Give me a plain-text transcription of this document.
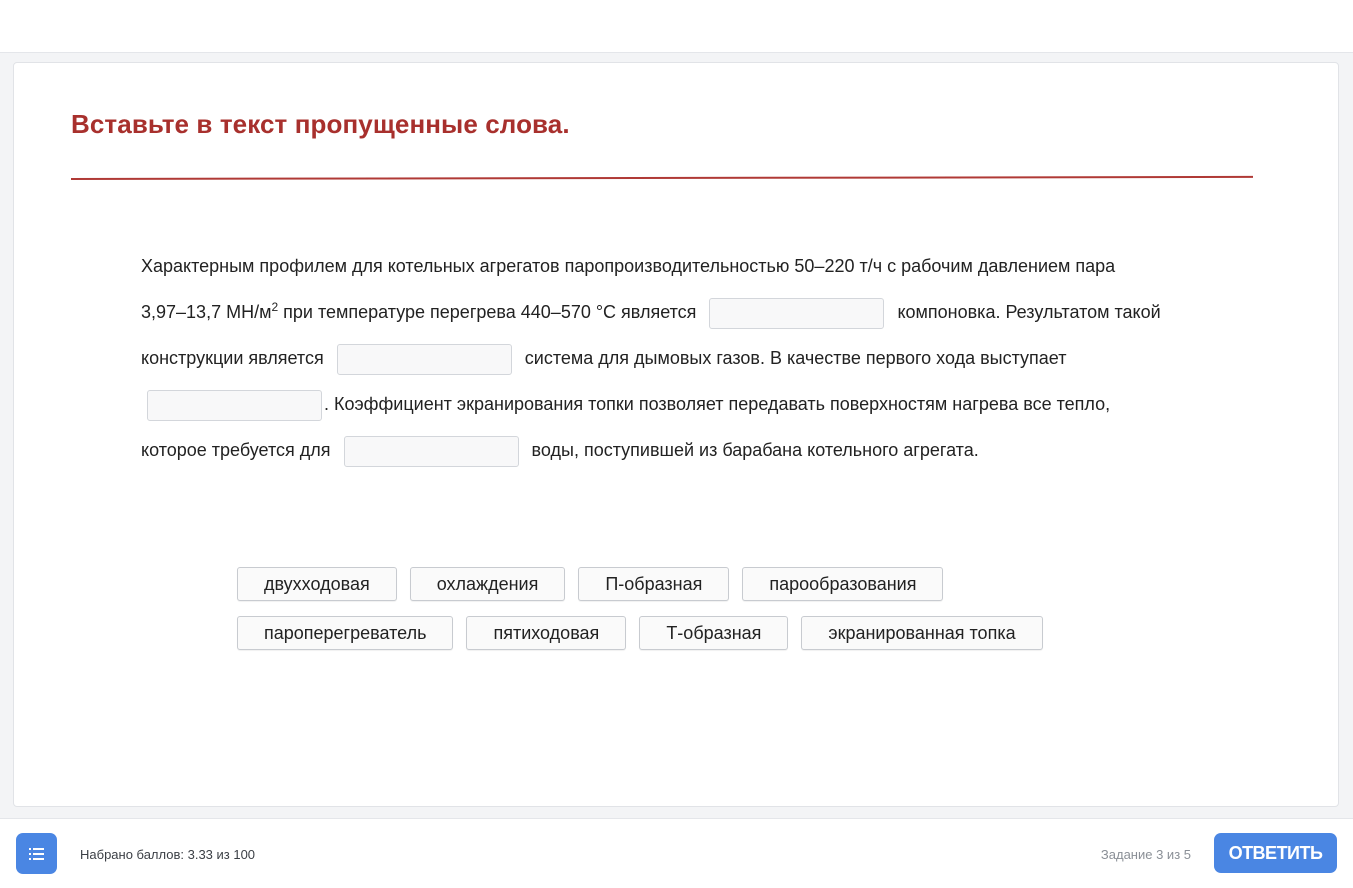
Вставьте в текст пропущенные слова.
Характерным профилем для котельных агрегатов паропроизводительностью 50–220 т/ч с рабочим давлением пара
3,97–13,7 $МН/м^2$ при температуре перегрева 440–570 °С является	компоновка. Результатом такой
конструкции является	система для дымовых газов. В качестве первого хода выступает
. Коэффициент экранирования топки позволяет передавать поверхностям нагрева все тепло,
которое требуется для	воды, поступившей из барабана котельного агрегата.
двухходовая	охлаждения	П-образная	парообразования
пароперегреватель	пятиходовая	Т-образная	экранированная топка
Набрано баллов: 3.33 из 100	Задание 3 из 5	ОТВЕТИТЬ
